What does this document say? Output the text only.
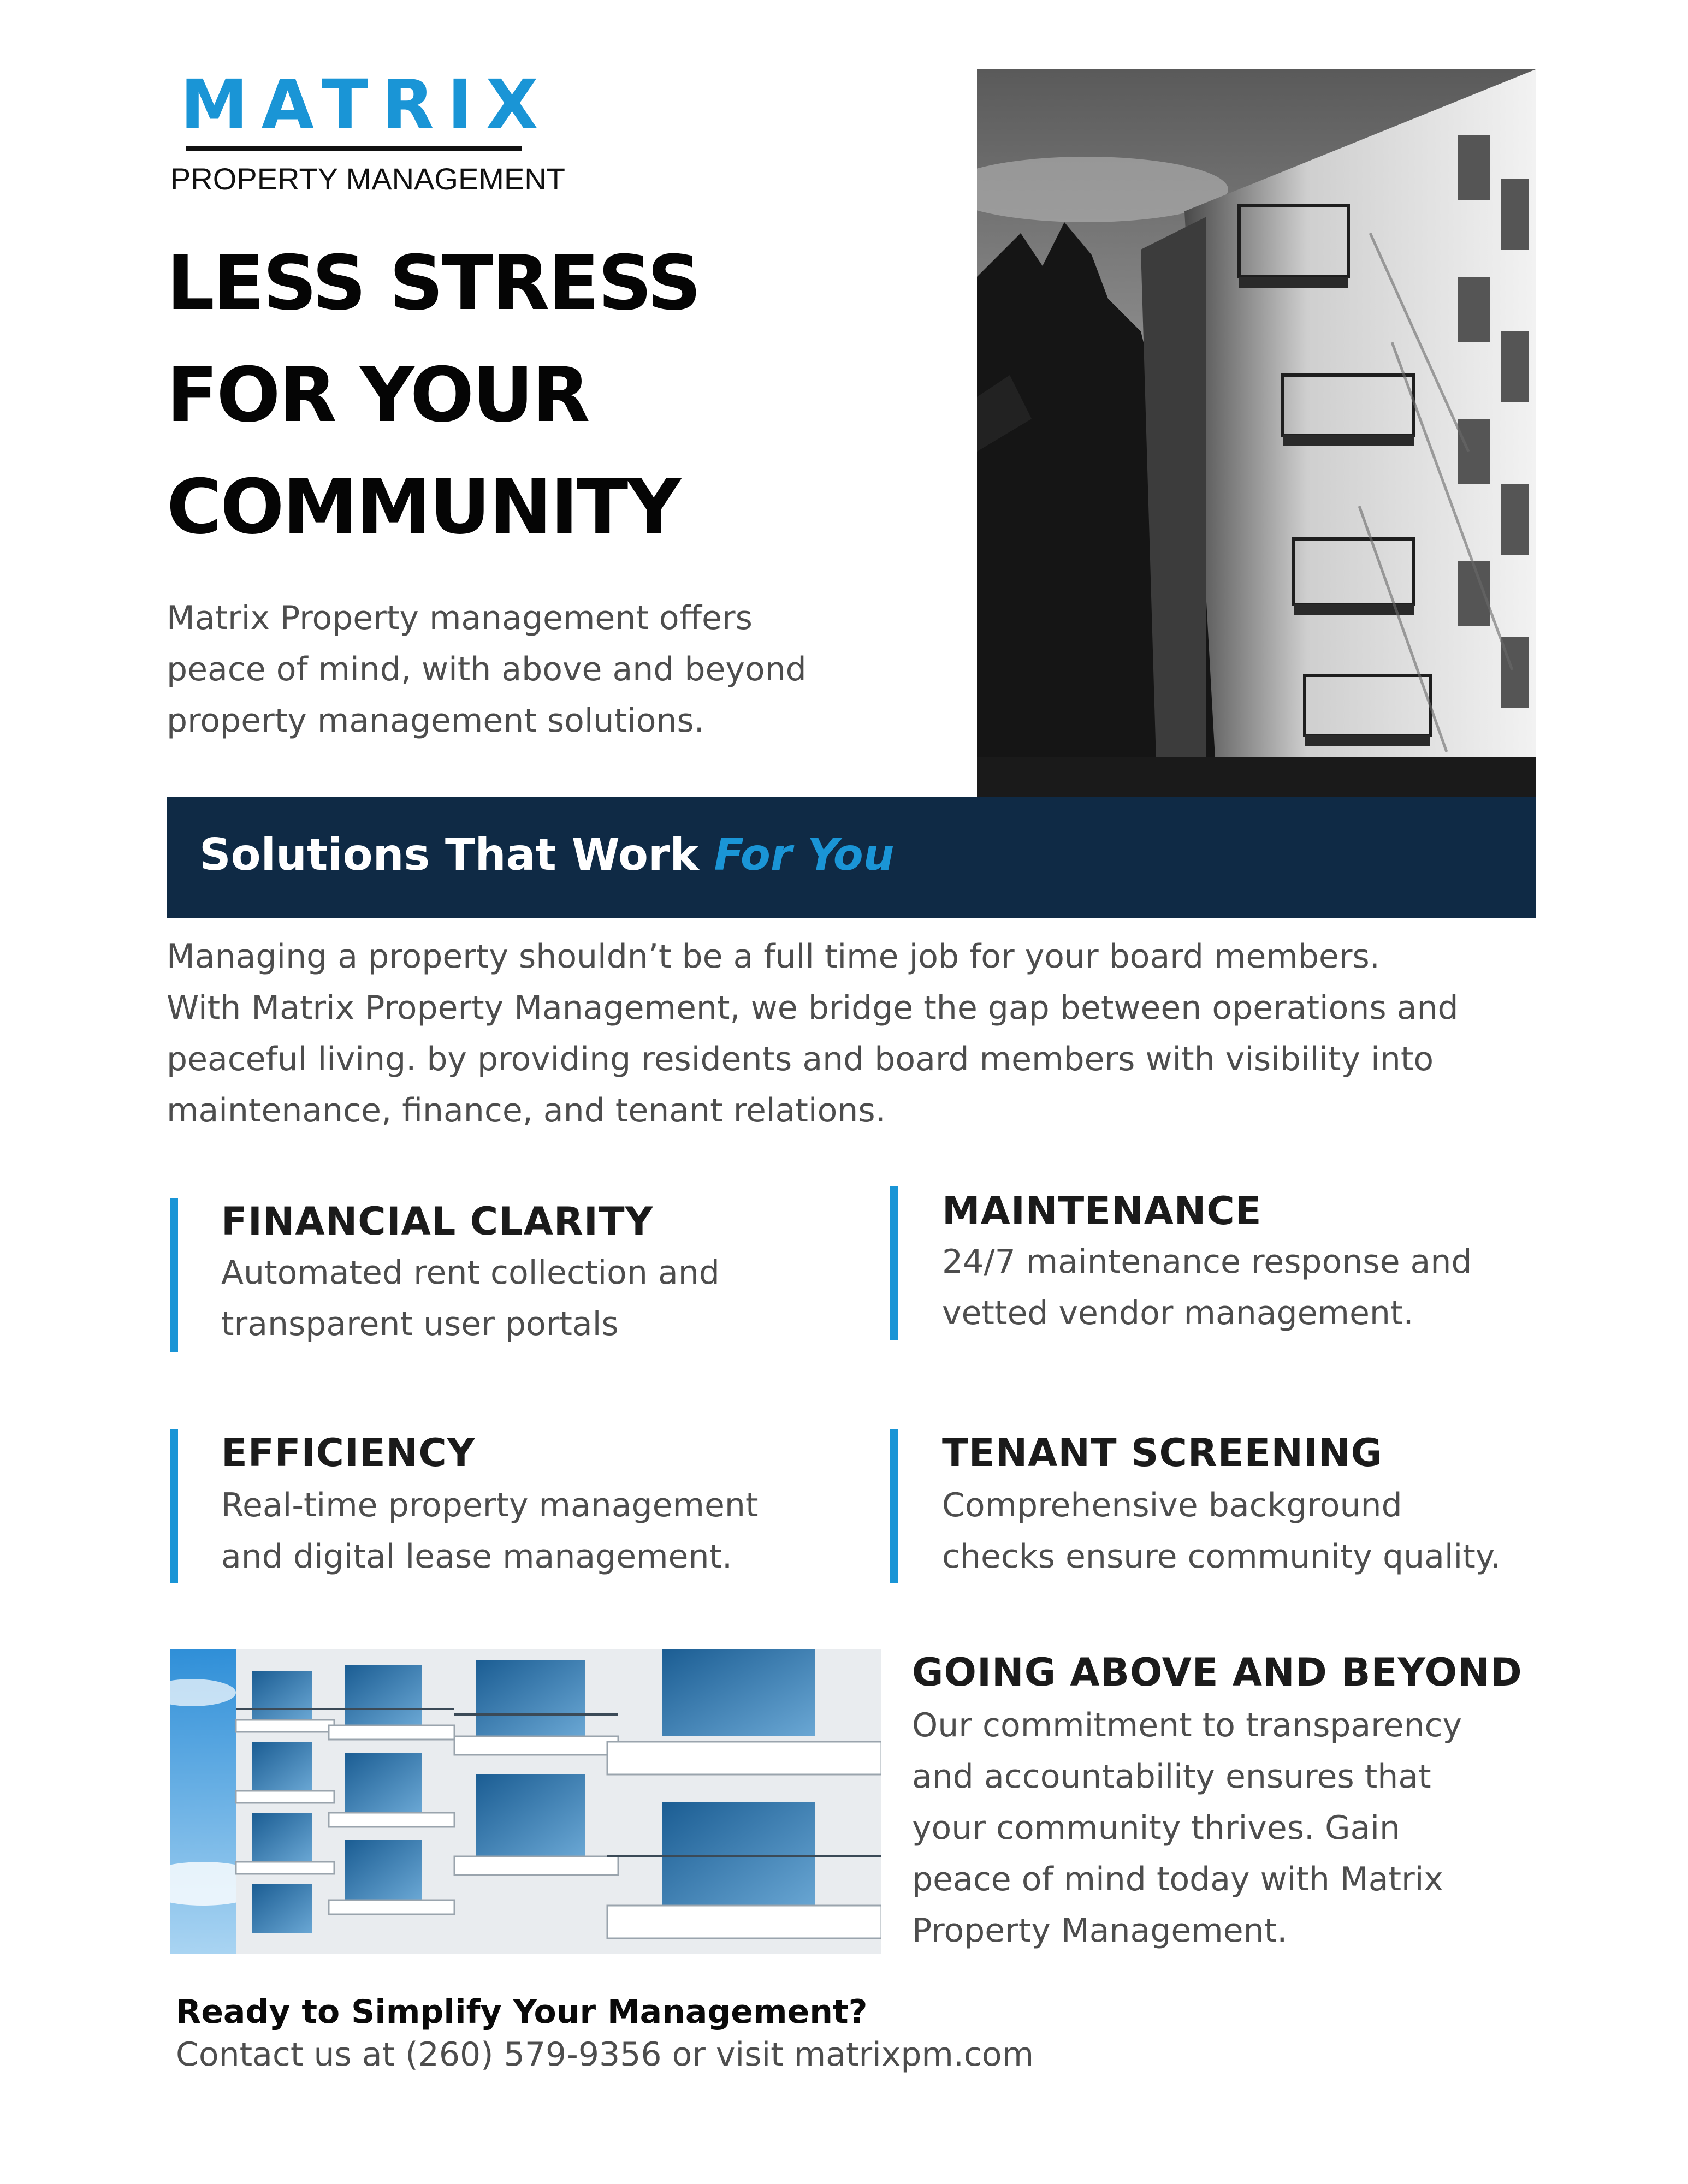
MATRIX
PROPERTY MANAGEMENT
LESS STRESS
FOR YOUR
COMMUNITY
Matrix Property management offers
peace of mind, with above and beyond
property management solutions.
Solutions That Work For You
Managing a property shouldn’t be a full time job for your board members.
With Matrix Property Management, we bridge the gap between operations and
peaceful living. by providing residents and board members with visibility into
maintenance, finance, and tenant relations.
FINANCIAL CLARITY
Automated rent collection and
transparent user portals
MAINTENANCE
24/7 maintenance response and
vetted vendor management.
EFFICIENCY
Real-time property management
and digital lease management.
TENANT SCREENING
Comprehensive background
checks ensure community quality.
GOING ABOVE AND BEYOND
Our commitment to transparency
and accountability ensures that
your community thrives. Gain
peace of mind today with Matrix
Property Management.
Ready to Simplify Your Management?
Contact us at (260) 579-9356 or visit matrixpm.com
